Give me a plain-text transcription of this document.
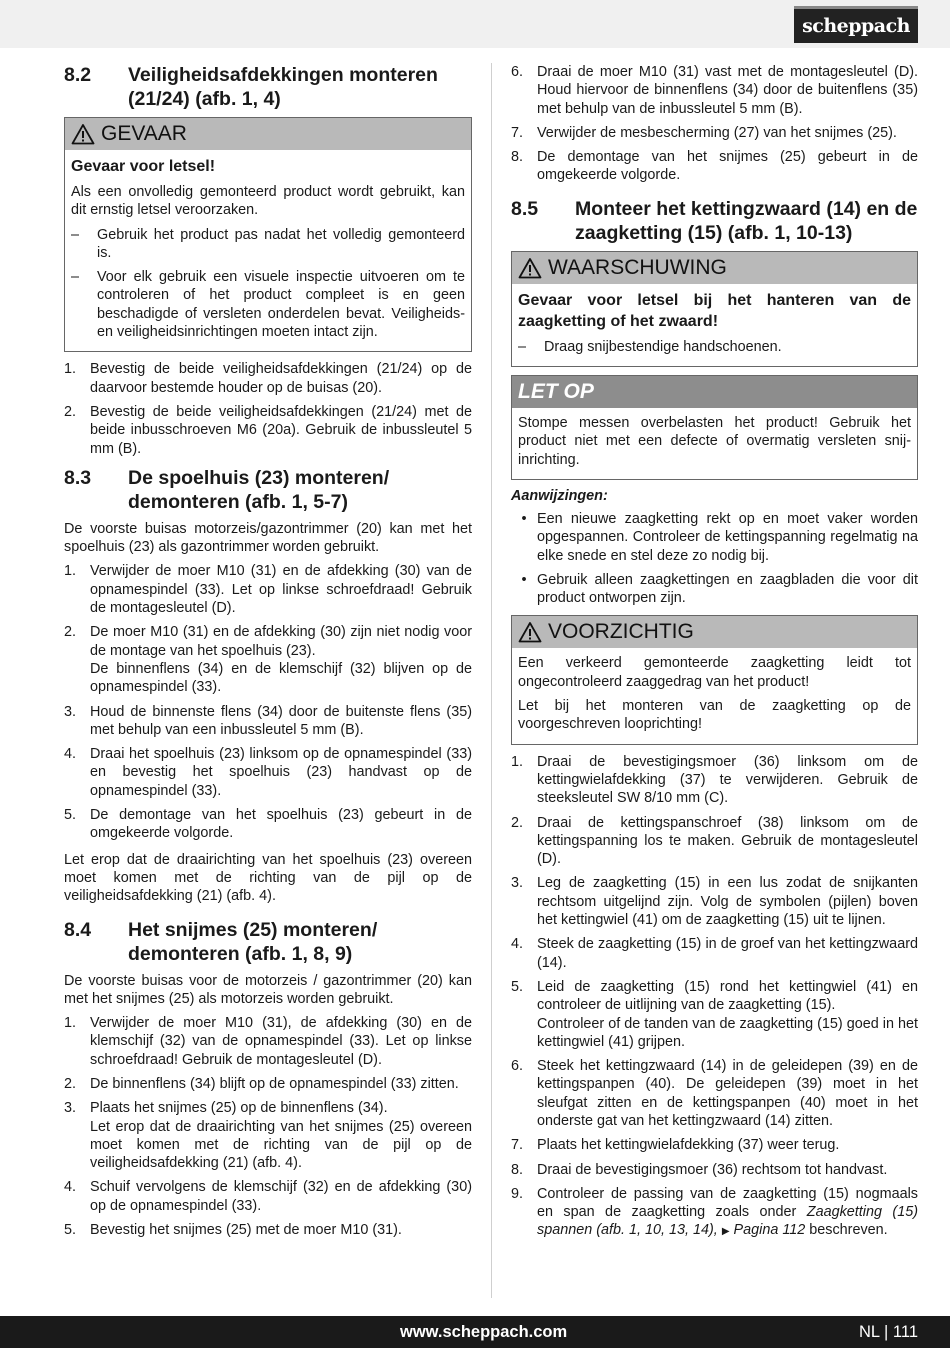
scheppach
8.2	Veiligheidsafdekkingen monteren (21/24) (afb. 1, 4)
GEVAAR
Gevaar voor letsel!
Als een onvolledig gemonteerd product wordt gebruikt, kan dit ernstig letsel veroorzaken.
–	Gebruik het product pas nadat het volledig gemonteerd is.
–	Voor elk gebruik een visuele inspectie uitvoeren om te controleren of het product compleet is en geen beschadigde of versleten onderdelen bevat. Veiligheids- en veiligheidsinrichtingen moeten intact zijn.
1. Bevestig de beide veiligheidsafdekkingen (21/24) op de daarvoor bestemde houder op de buisas (20).
2. Bevestig de beide veiligheidsafdekkingen (21/24) met de beide inbusschroeven M6 (20a). Gebruik de inbussleutel 5 mm (B).
8.3	De spoelhuis (23) monteren/ demonteren (afb. 1, 5-7)
De voorste buisas motorzeis/gazontrimmer (20) kan met het spoelhuis (23) als gazontrimmer worden gebruikt.
1. Verwijder de moer M10 (31) en de afdekking (30) van de opnamespindel (33). Let op linkse schroefdraad! Gebruik de montagesleutel (D).
2. De moer M10 (31) en de afdekking (30) zijn niet nodig voor de montage van het spoelhuis (23).
De binnenflens (34) en de klemschijf (32) blijven op de opnamespindel (33).
3. Houd de binnenste flens (34) door de buitenste flens (35) met behulp van een inbussleutel 5 mm (B).
4. Draai het spoelhuis (23) linksom op de opnamespindel (33) en bevestig het spoelhuis (23) handvast op de opnamespindel (33).
5. De demontage van het spoelhuis (23) gebeurt in de omgekeerde volgorde.
Let erop dat de draairichting van het spoelhuis (23) overeen moet komen met de richting van de pijl op de veiligheidsafdekking (21) (afb. 4).
8.4	Het snijmes (25) monteren/ demonteren (afb. 1, 8, 9)
De voorste buisas voor de motorzeis / gazontrimmer (20) kan met het snijmes (25) als motorzeis worden gebruikt.
1. Verwijder de moer M10 (31), de afdekking (30) en de klemschijf (32) van de opnamespindel (33). Let op linkse schroefdraad! Gebruik de montagesleutel (D).
2. De binnenflens (34) blijft op de opnamespindel (33) zitten.
3. Plaats het snijmes (25) op de binnenflens (34).
Let erop dat de draairichting van het snijmes (25) overeen moet komen met de richting van de pijl op de veiligheidsafdekking (21) (afb. 4).
4. Schuif vervolgens de klemschijf (32) en de afdekking (30) op de opnamespindel (33).
5. Bevestig het snijmes (25) met de moer M10 (31).
6. Draai de moer M10 (31) vast met de montagesleutel (D). Houd hiervoor de binnenflens (34) door de buitenflens (35) met behulp van de inbussleutel 5 mm (B).
7. Verwijder de mesbescherming (27) van het snijmes (25).
8. De demontage van het snijmes (25) gebeurt in de omgekeerde volgorde.
8.5	Monteer het kettingzwaard (14) en de zaagketting (15) (afb. 1, 10-13)
WAARSCHUWING
Gevaar voor letsel bij het hanteren van de zaagketting of het zwaard!
–	Draag snijbestendige handschoenen.
LET OP
Stompe messen overbelasten het product! Gebruik het product niet met een defecte of overmatig versleten snij-inrichting.
Aanwijzingen:
• Een nieuwe zaagketting rekt op en moet vaker worden opgespannen. Controleer de kettingspanning regelmatig na elke snede en stel deze zo nodig bij.
• Gebruik alleen zaagkettingen en zaagbladen die voor dit product ontworpen zijn.
VOORZICHTIG
Een verkeerd gemonteerde zaagketting leidt tot ongecontroleerd zaaggedrag van het product!
Let bij het monteren van de zaagketting op de voorgeschreven looprichting!
1. Draai de bevestigingsmoer (36) linksom om de kettingwielafdekking (37) te verwijderen. Gebruik de steeksleutel SW 8/10 mm (C).
2. Draai de kettingspanschroef (38) linksom om de kettingspanning los te maken. Gebruik de montagesleutel (D).
3. Leg de zaagketting (15) in een lus zodat de snijkanten rechtsom uitgelijnd zijn. Volg de symbolen (pijlen) boven het kettingwiel (41) om de zaagketting (15) uit te lijnen.
4. Steek de zaagketting (15) in de groef van het kettingzwaard (14).
5. Leid de zaagketting (15) rond het kettingwiel (41) en controleer de uitlijning van de zaagketting (15).
Controleer of de tanden van de zaagketting (15) goed in het kettingwiel (41) grijpen.
6. Steek het kettingzwaard (14) in de geleidepen (39) en de kettingspanpen (40). De geleidepen (39) moet in het sleufgat zitten en de kettingspanpen (40) moet in het onderste gat van het kettingzwaard (14) zitten.
7. Plaats het kettingwielafdekking (37) weer terug.
8. Draai de bevestigingsmoer (36) rechtsom tot handvast.
9. Controleer de passing van de zaagketting (15) nogmaals en span de zaagketting zoals onder Zaagketting (15) spannen (afb. 1, 10, 13, 14), ▶ Pagina 112 beschreven.
www.scheppach.com	NL | 111
